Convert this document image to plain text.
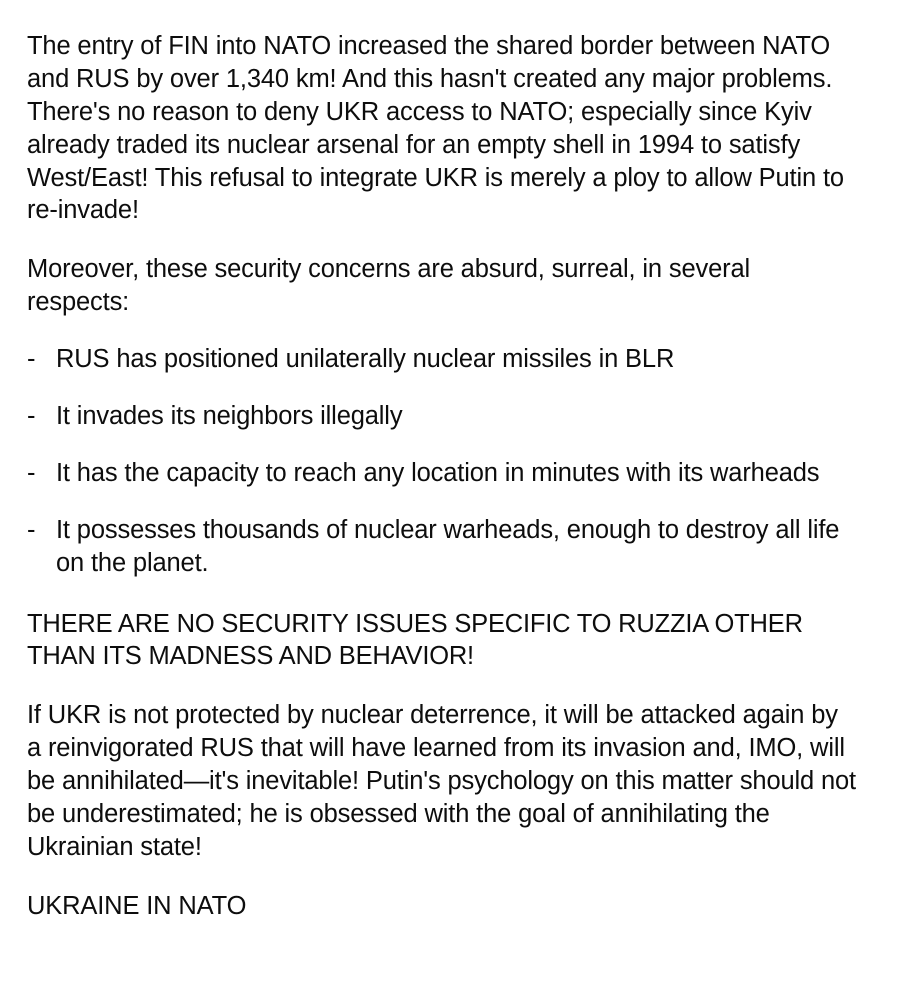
The entry of FIN into NATO increased the shared border between NATO and RUS by over 1,340 km! And this hasn't created any major problems. There's no reason to deny UKR access to NATO; especially since Kyiv already traded its nuclear arsenal for an empty shell in 1994 to satisfy West/East! This refusal to integrate UKR is merely a ploy to allow Putin to re-invade!

Moreover, these security concerns are absurd, surreal, in several respects:

- RUS has positioned unilaterally nuclear missiles in BLR
- It invades its neighbors illegally
- It has the capacity to reach any location in minutes with its warheads
- It possesses thousands of nuclear warheads, enough to destroy all life on the planet.

THERE ARE NO SECURITY ISSUES SPECIFIC TO RUZZIA OTHER THAN ITS MADNESS AND BEHAVIOR!

If UKR is not protected by nuclear deterrence, it will be attacked again by a reinvigorated RUS that will have learned from its invasion and, IMO, will be annihilated—it's inevitable! Putin's psychology on this matter should not be underestimated; he is obsessed with the goal of annihilating the Ukrainian state!

UKRAINE IN NATO
